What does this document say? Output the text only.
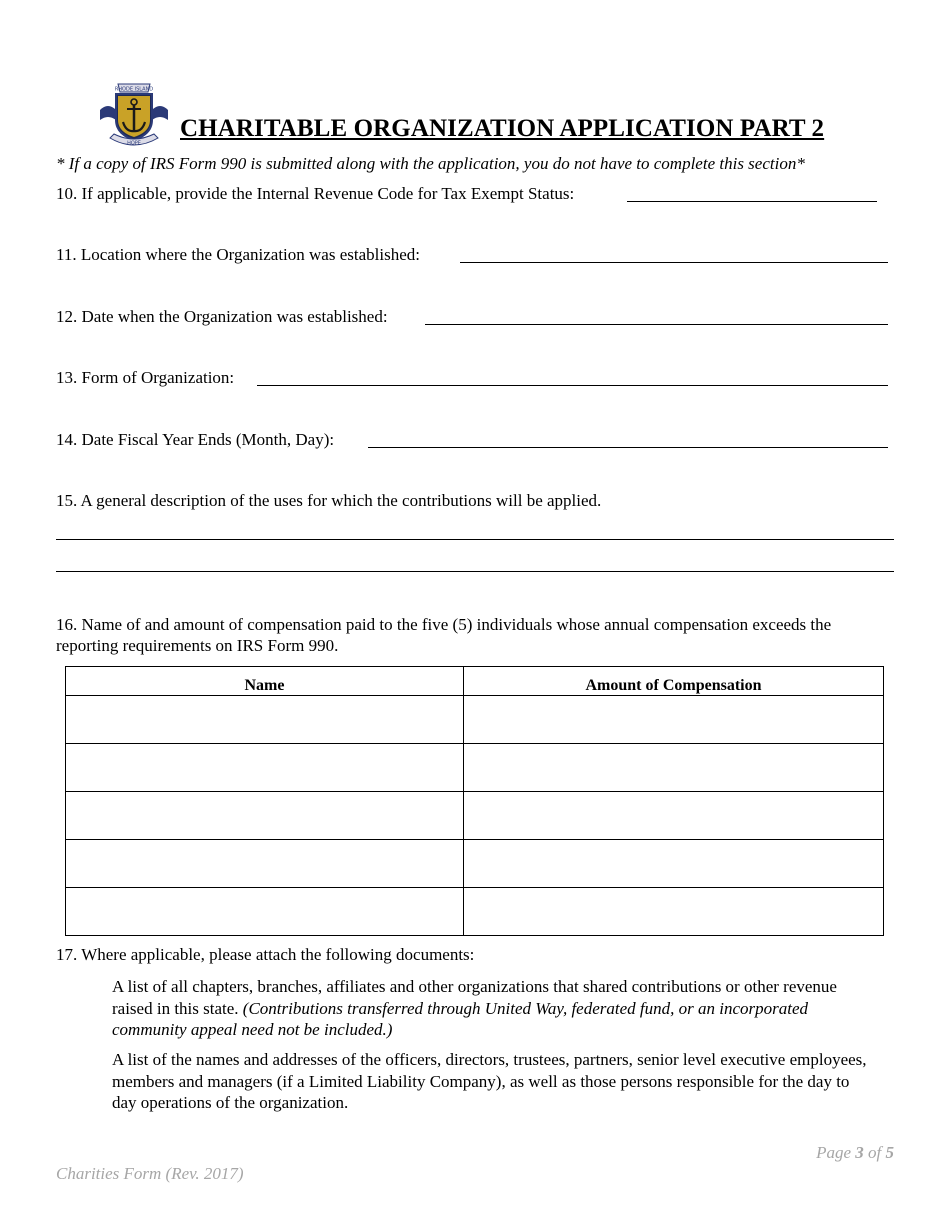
RHODE ISLAND
HOPE
CHARITABLE ORGANIZATION APPLICATION PART 2
* If a copy of IRS Form 990 is submitted along with the application, you do not have to complete this section*
10. If applicable, provide the Internal Revenue Code for Tax Exempt Status:
11. Location where the Organization was established:
12. Date when the Organization was established:
13. Form of Organization:
14. Date Fiscal Year Ends (Month, Day):
15. A general description of the uses for which the contributions will be applied.
16. Name of and amount of compensation paid to the five (5) individuals whose annual compensation exceeds the reporting requirements on IRS Form 990.
Name	Amount of Compensation

17. Where applicable, please attach the following documents:
A list of all chapters, branches, affiliates and other organizations that shared contributions or other revenue raised in this state. (Contributions transferred through United Way, federated fund, or an incorporated community appeal need not be included.)
A list of the names and addresses of the officers, directors, trustees, partners, senior level executive employees, members and managers (if a Limited Liability Company), as well as those persons responsible for the day to day operations of the organization.
Page 3 of 5
Charities Form (Rev. 2017)
